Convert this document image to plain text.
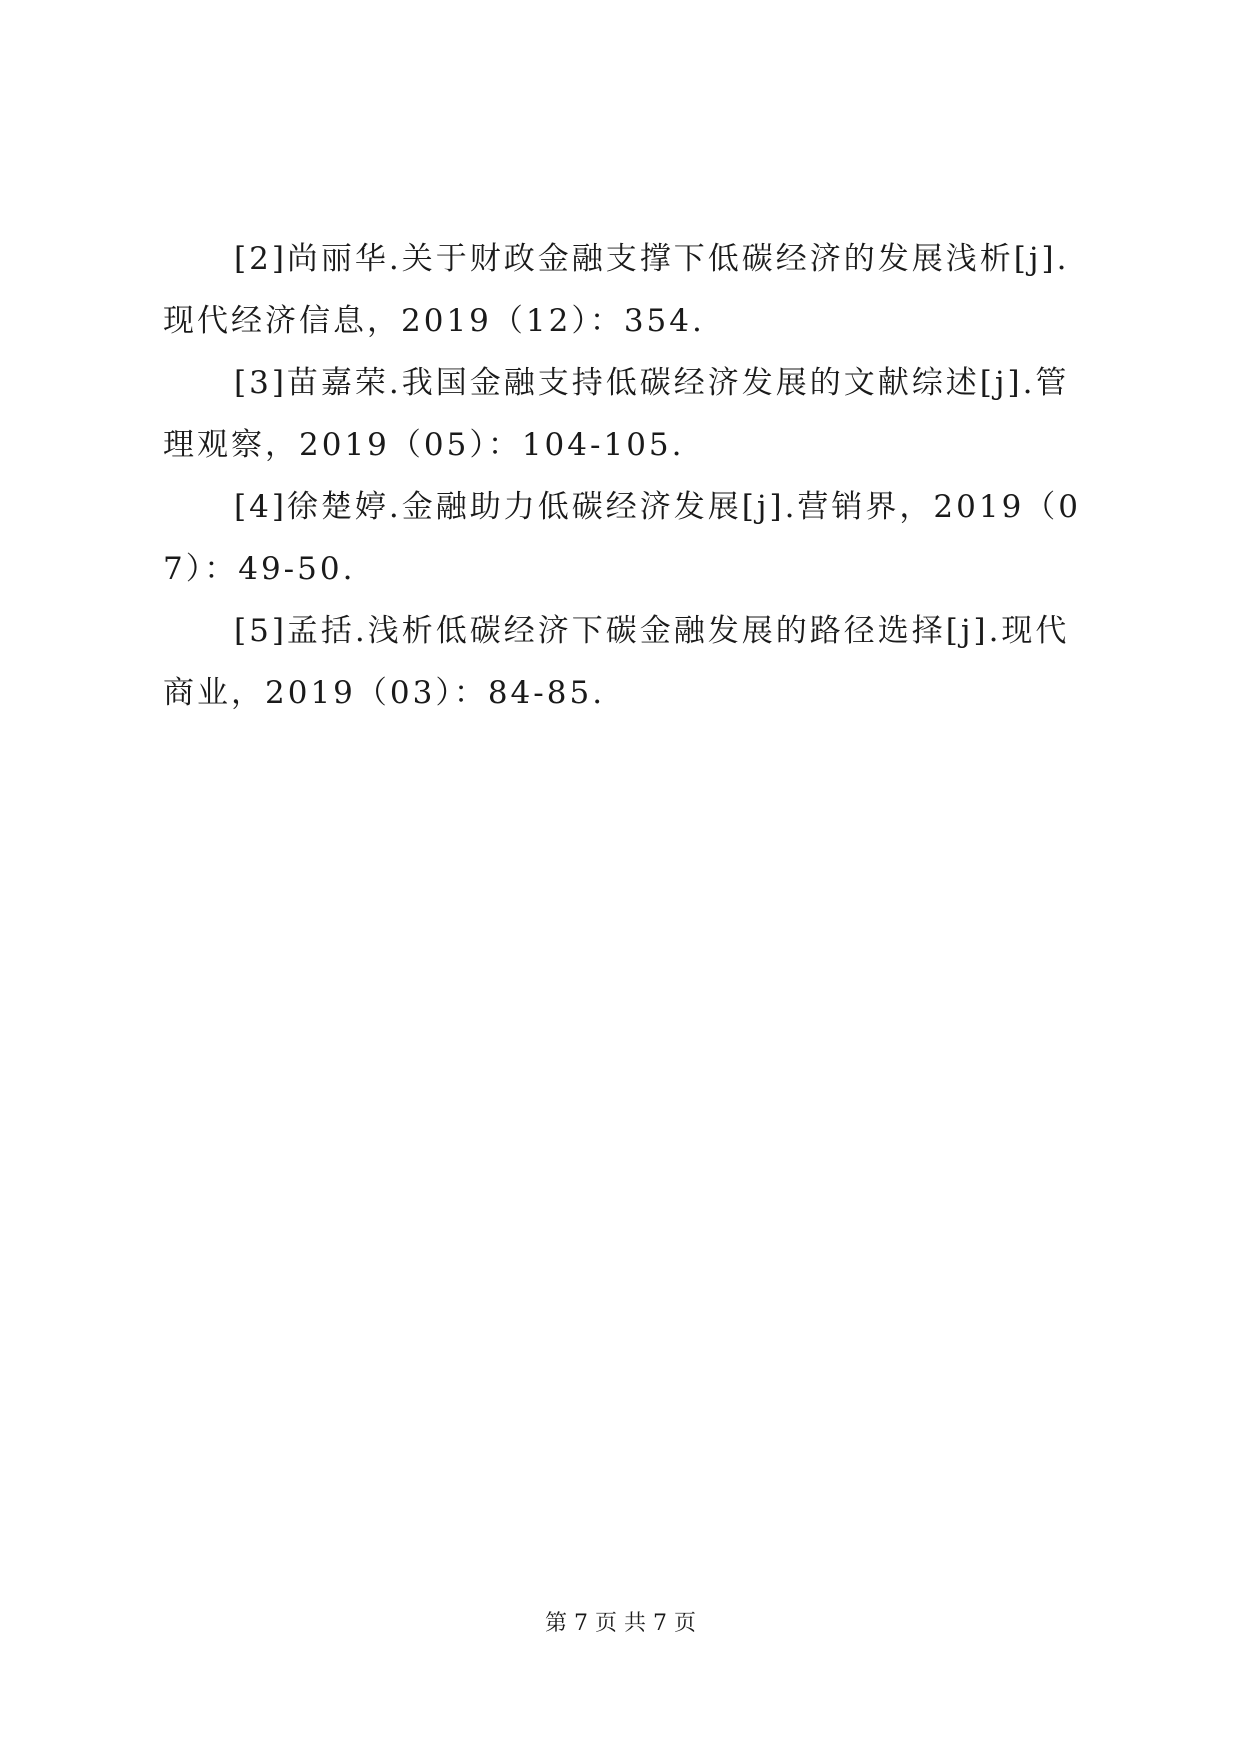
[2]尚丽华.关于财政金融支撑下低碳经济的发展浅析[j].现代经济信息，2019（12）：354.

[3]苗嘉荣.我国金融支持低碳经济发展的文献综述[j].管理观察，2019（05）：104-105.

[4]徐楚婷.金融助力低碳经济发展[j].营销界，2019（07）：49-50.

[5]孟括.浅析低碳经济下碳金融发展的路径选择[j].现代商业，2019（03）：84-85.

第 7 页 共 7 页
